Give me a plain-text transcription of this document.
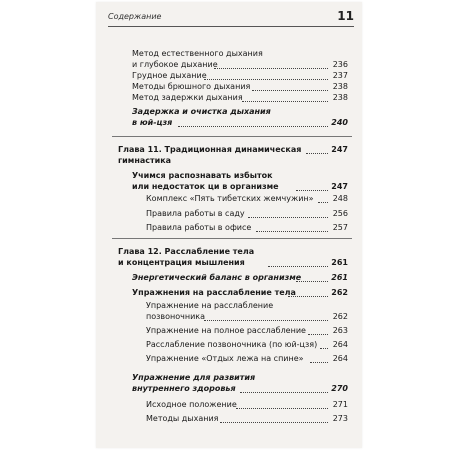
Содержание	11
Метод естественного дыхания
и глубокое дыхание	236
Грудное дыхание	237
Методы брюшного дыхания	238
Метод задержки дыхания	238
Задержка и очистка дыхания
в юй-цзя	240
Глава 11. Традиционная динамическая	247
гимнастика
Учимся распознавать избыток
или недостаток ци в организме	247
Комплекс «Пять тибетских жемчужин» 248
Правила работы в саду	256
Правила работы в офисе	257
Глава 12. Расслабление тела
и концентрация мышления	261
Энергетический баланс в организме	261
Упражнения на расслабление тела	262
Упражнение на расслабление
позвоночника	262
Упражнение на полное расслабление	263
Расслабление позвоночника (по юй-цзя) 264
Упражнение «Отдых лежа на спине»	264
Упражнение для развития
внутреннего здоровья	270
Исходное положение	271
Методы дыхания	273
